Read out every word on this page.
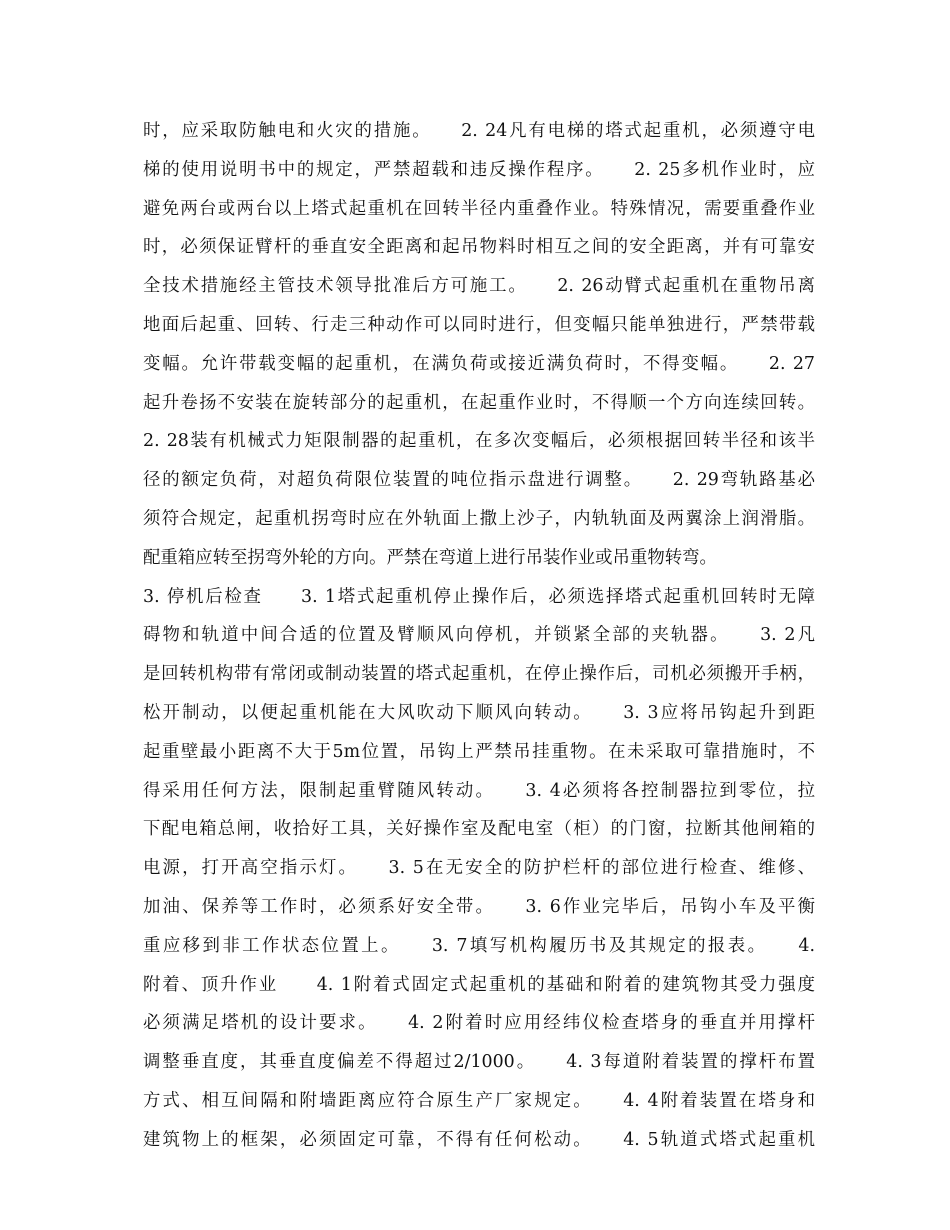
时，应采取防触电和火灾的措施。　　2. 24凡有电梯的塔式起重机，必须遵守电
梯的使用说明书中的规定，严禁超载和违反操作程序。　　2. 25多机作业时，应
避免两台或两台以上塔式起重机在回转半径内重叠作业。特殊情况，需要重叠作业
时，必须保证臂杆的垂直安全距离和起吊物料时相互之间的安全距离，并有可靠安
全技术措施经主管技术领导批准后方可施工。　　2. 26动臂式起重机在重物吊离
地面后起重、回转、行走三种动作可以同时进行，但变幅只能单独进行，严禁带载
变幅。允许带载变幅的起重机，在满负荷或接近满负荷时，不得变幅。　　2. 27
起升卷扬不安装在旋转部分的起重机，在起重作业时，不得顺一个方向连续回转。
2. 28装有机械式力矩限制器的起重机，在多次变幅后，必须根据回转半径和该半
径的额定负荷，对超负荷限位装置的吨位指示盘进行调整。　　2. 29弯轨路基必
须符合规定，起重机拐弯时应在外轨面上撒上沙子，内轨轨面及两翼涂上润滑脂。
配重箱应转至拐弯外轮的方向。严禁在弯道上进行吊装作业或吊重物转弯。
3. 停机后检查　　3. 1塔式起重机停止操作后，必须选择塔式起重机回转时无障
碍物和轨道中间合适的位置及臂顺风向停机，并锁紧全部的夹轨器。　　3. 2凡
是回转机构带有常闭或制动装置的塔式起重机，在停止操作后，司机必须搬开手柄，
松开制动，以便起重机能在大风吹动下顺风向转动。　　3. 3应将吊钩起升到距
起重壁最小距离不大于5m位置，吊钩上严禁吊挂重物。在未采取可靠措施时，不
得采用任何方法，限制起重臂随风转动。　　3. 4必须将各控制器拉到零位，拉
下配电箱总闸，收拾好工具，关好操作室及配电室（柜）的门窗，拉断其他闸箱的
电源，打开高空指示灯。　　3. 5在无安全的防护栏杆的部位进行检查、维修、
加油、保养等工作时，必须系好安全带。　　3. 6作业完毕后，吊钩小车及平衡
重应移到非工作状态位置上。　　3. 7填写机构履历书及其规定的报表。　　4.
附着、顶升作业　　4. 1附着式固定式起重机的基础和附着的建筑物其受力强度
必须满足塔机的设计要求。　　4. 2附着时应用经纬仪检查塔身的垂直并用撑杆
调整垂直度，其垂直度偏差不得超过2/1000。　　4. 3每道附着装置的撑杆布置
方式、相互间隔和附墙距离应符合原生产厂家规定。　　4. 4附着装置在塔身和
建筑物上的框架，必须固定可靠，不得有任何松动。　　4. 5轨道式塔式起重机
